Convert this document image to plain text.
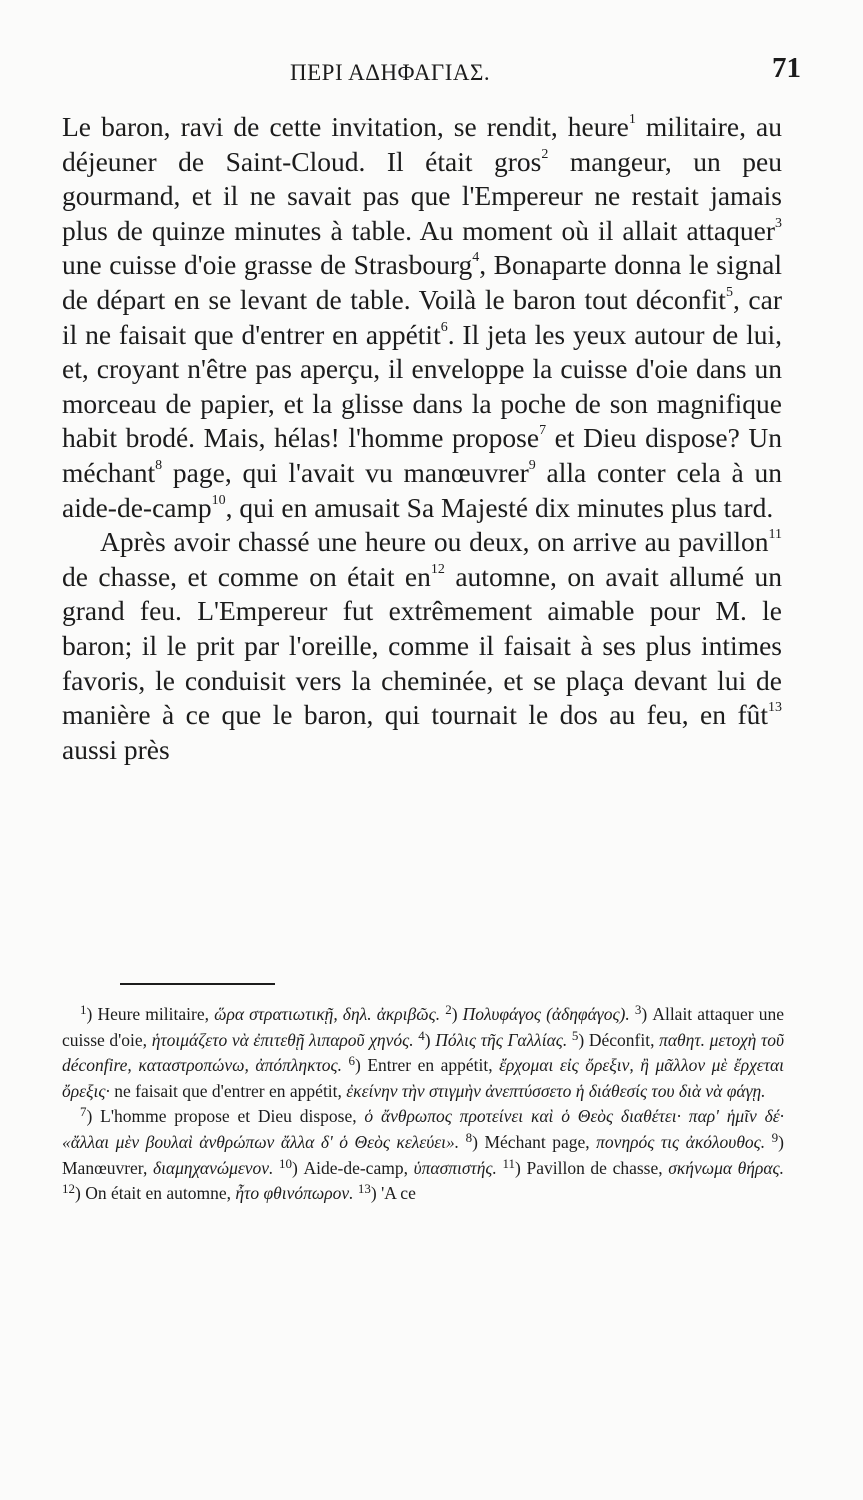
ΠΕΡΙ ΑΔΗΦΑΓΙΑΣ.	71

Le baron, ravi de cette invitation, se rendit, heure$^1$ militaire, au déjeuner de Saint-Cloud. Il était gros$^2$ mangeur, un peu gourmand, et il ne savait pas que l'Empereur ne restait jamais plus de quinze minutes à table. Au moment où il allait attaquer$^3$ une cuisse d'oie grasse de Strasbourg$^4$, Bonaparte donna le signal de départ en se levant de table. Voilà le baron tout déconfit$^5$, car il ne faisait que d'entrer en appétit$^6$. Il jeta les yeux autour de lui, et, croyant n'être pas aperçu, il enveloppe la cuisse d'oie dans un morceau de papier, et la glisse dans la poche de son magnifique habit brodé. Mais, hélas! l'homme propose$^7$ et Dieu dispose? Un méchant$^8$ page, qui l'avait vu manœuvrer$^9$ alla conter cela à un aide-de-camp$^{10}$, qui en amusait Sa Majesté dix minutes plus tard.

Après avoir chassé une heure ou deux, on arrive au pavillon$^{11}$ de chasse, et comme on était $en^{12}$ automne, on avait allumé un grand feu. L'Empereur fut extrêmement aimable pour M. le baron; il le prit par l'oreille, comme il faisait à ses plus intimes favoris, le conduisit vers la cheminée, et se plaça devant lui de manière à ce que le baron, qui tournait le dos au feu, en fût$^{13}$ aussi près

$^1$) Heure militaire, ὥρα στρατιωτικῇ, δηλ. ἀκριβῶς. $^2$) Πολυφάγος (ἀδηφάγος). $^3$) Allait attaquer une cuisse d'oie, ἡτοιμάζετο νὰ ἐπιτεθῇ λιπαροῦ χηνός. $^4$) Πόλις τῆς Γαλλίας. $^5$) Déconfit, παθητ. μετοχὴ τοῦ déconfire, καταστροπώνω, ἀπόπληκτος. $^6$) Entrer en appétit, ἔρχομαι εἰς ὄρεξιν, ἢ μᾶλλον μὲ ἔρχεται ὄρεξις· ne faisait que d'entrer en appétit, ἐκείνην τὴν στιγμὴν ἀνεπτύσσετο ἡ διάθεσίς του διὰ νὰ φάγῃ.

$^7$) L'homme propose et Dieu dispose, ὁ ἄνθρωπος προτείνει καὶ ὁ Θεὸς διαθέτει· παρ' ἡμῖν δέ· «ἄλλαι μὲν βουλαὶ ἀνθρώπων ἄλλα δ' ὁ Θεὸς κελεύει». $^8$) Méchant page, πονηρός τις ἀκόλουθος. $^9$) Manœuvrer, διαμηχανώμενον. $^{10}$) Aide-de-camp, ὑπασπιστής. $^{11}$) Pavillon de chasse, σκήνωμα θήρας. $^{12}$) On était en automne, ἦτο φθινόπωρον. $^{13}$) 'A ce
